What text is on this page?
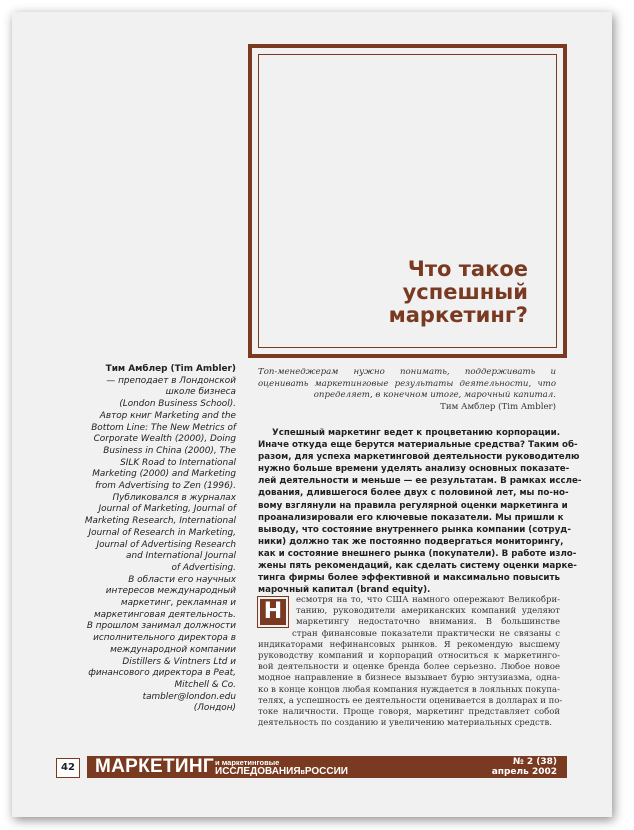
Что такое
успешный
маркетинг?
Тим Амблер (Tim Ambler)
— преподает в Лондонской
школе бизнеса
(London Business School).
Автор книг Marketing and the
Bottom Line: The New Metrics of
Corporate Wealth (2000), Doing
Business in China (2000), The
SILK Road to International
Marketing (2000) and Marketing
from Advertising to Zen (1996).
Публиковался в журналах
Journal of Marketing, Journal of
Marketing Research, International
Journal of Research in Marketing,
Journal of Advertising Research
and International Journal
of Advertising.
В области его научных
интересов международный
маркетинг, рекламная и
маркетинговая деятельность.
В прошлом занимал должности
исполнительного директора в
международной компании
Distillers & Vintners Ltd и
финансового директора в Peat,
Mitchell & Co.
tambler@london.edu
(Лондон)
Топ-менеджерам нужно понимать, поддерживать и оценивать маркетинговые результаты деятельности, что определяет, в конечном итоге, марочный капитал.
Тим Амблер (Tim Ambler)
Успешный маркетинг ведет к процветанию корпорации.
Иначе откуда еще берутся материальные средства? Таким об-
разом, для успеха маркетинговой деятельности руководителю
нужно больше времени уделять анализу основных показате-
лей деятельности и меньше — ее результатам. В рамках иссле-
дования, длившегося более двух с половиной лет, мы по-но-
вому взглянули на правила регулярной оценки маркетинга и
проанализировали его ключевые показатели. Мы пришли к
выводу, что состояние внутреннего рынка компании (сотруд-
ники) должно так же постоянно подвергаться мониторингу,
как и состояние внешнего рынка (покупатели). В работе изло-
жены пять рекомендаций, как сделать систему оценки марке-
тинга фирмы более эффективной и максимально повысить
марочный капитал (brand equity).
Н	есмотря на то, что США намного опережают Великобри-
танию, руководители американских компаний уделяют
маркетингу недостаточно внимания. В большинстве
стран финансовые показатели практически не связаны с
индикаторами нефинансовых рынков. Я рекомендую высшему
руководству компаний и корпораций относиться к маркетинго-
вой деятельности и оценке бренда более серьезно. Любое новое
модное направление в бизнесе вызывает бурю энтузиазма, одна-
ко в конце концов любая компания нуждается в лояльных покупа-
телях, а успешность ее деятельности оценивается в долларах и по-
токе наличности. Проще говоря, маркетинг представляет собой
деятельность по созданию и увеличению материальных средств.
42 МАРКЕТИНГ и маркетинговые
ИССЛЕДОВАНИЯвРОССИИ
№ 2 (38)
апрель 2002
